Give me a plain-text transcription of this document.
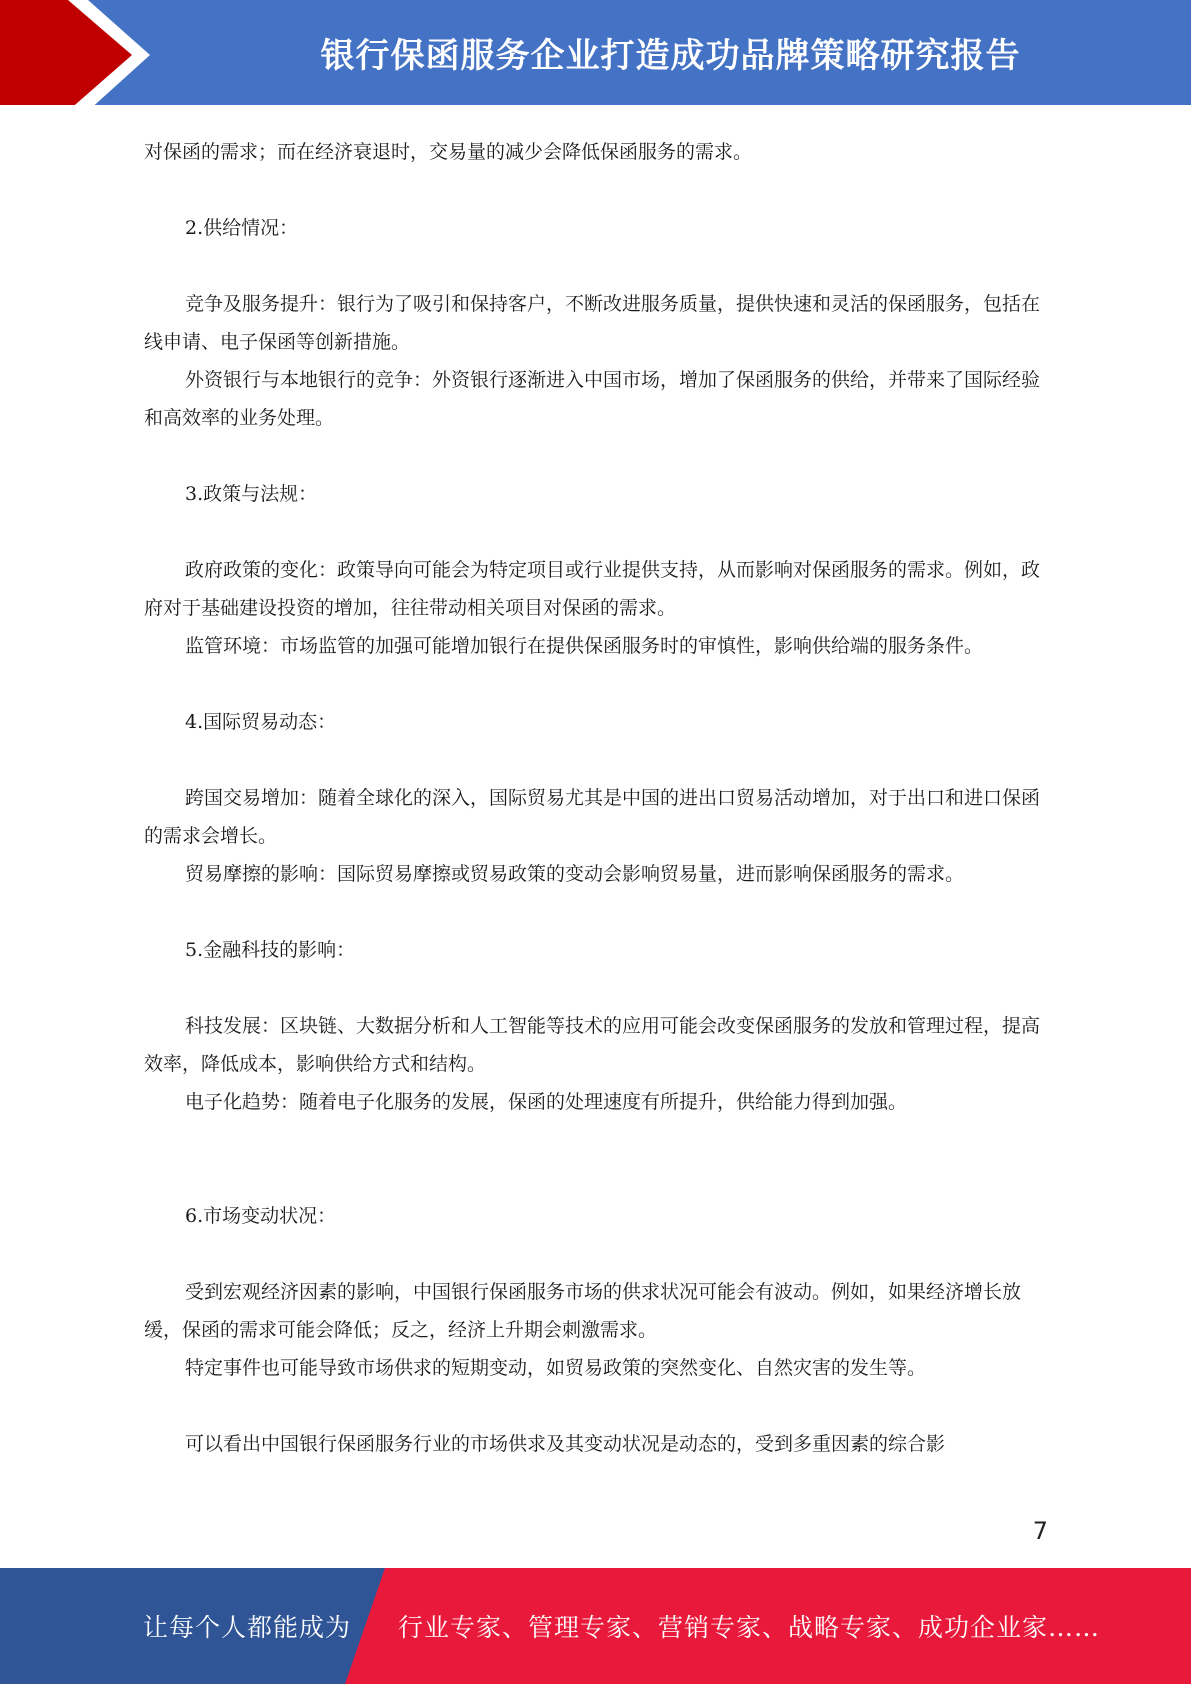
银行保函服务企业打造成功品牌策略研究报告

对保函的需求；而在经济衰退时，交易量的减少会降低保函服务的需求。

2.供给情况：

竞争及服务提升：银行为了吸引和保持客户，不断改进服务质量，提供快速和灵活的保函服务，包括在线申请、电子保函等创新措施。

外资银行与本地银行的竞争：外资银行逐渐进入中国市场，增加了保函服务的供给，并带来了国际经验和高效率的业务处理。

3.政策与法规：

政府政策的变化：政策导向可能会为特定项目或行业提供支持，从而影响对保函服务的需求。例如，政府对于基础建设投资的增加，往往带动相关项目对保函的需求。

监管环境：市场监管的加强可能增加银行在提供保函服务时的审慎性，影响供给端的服务条件。

4.国际贸易动态：

跨国交易增加：随着全球化的深入，国际贸易尤其是中国的进出口贸易活动增加，对于出口和进口保函的需求会增长。

贸易摩擦的影响：国际贸易摩擦或贸易政策的变动会影响贸易量，进而影响保函服务的需求。

5.金融科技的影响：

科技发展：区块链、大数据分析和人工智能等技术的应用可能会改变保函服务的发放和管理过程，提高效率，降低成本，影响供给方式和结构。

电子化趋势：随着电子化服务的发展，保函的处理速度有所提升，供给能力得到加强。

6.市场变动状况：

受到宏观经济因素的影响，中国银行保函服务市场的供求状况可能会有波动。例如，如果经济增长放缓，保函的需求可能会降低；反之，经济上升期会刺激需求。

特定事件也可能导致市场供求的短期变动，如贸易政策的突然变化、自然灾害的发生等。

可以看出中国银行保函服务行业的市场供求及其变动状况是动态的，受到多重因素的综合影

7
让每个人都能成为 行业专家、管理专家、营销专家、战略专家、成功企业家……
